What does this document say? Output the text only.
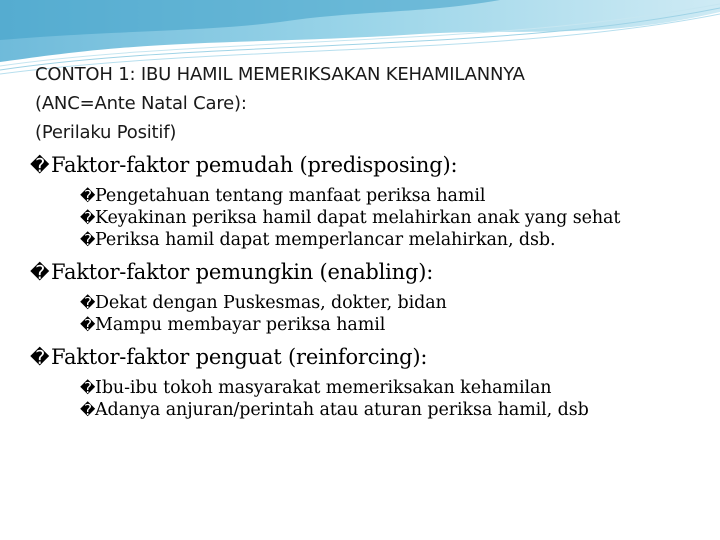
CONTOH 1: IBU HAMIL MEMERIKSAKAN KEHAMILANNYA
(ANC=Ante Natal Care):
(Perilaku Positif)
�Faktor-faktor pemudah (predisposing):
� Pengetahuan tentang manfaat periksa hamil
� Keyakinan periksa hamil dapat melahirkan anak yang sehat
� Periksa hamil dapat memperlancar melahirkan, dsb.
�Faktor-faktor pemungkin (enabling):
� Dekat dengan Puskesmas, dokter, bidan
� Mampu membayar periksa hamil
�Faktor-faktor penguat (reinforcing):
� Ibu-ibu tokoh masyarakat memeriksakan kehamilan
� Adanya anjuran/perintah atau aturan periksa hamil, dsb
